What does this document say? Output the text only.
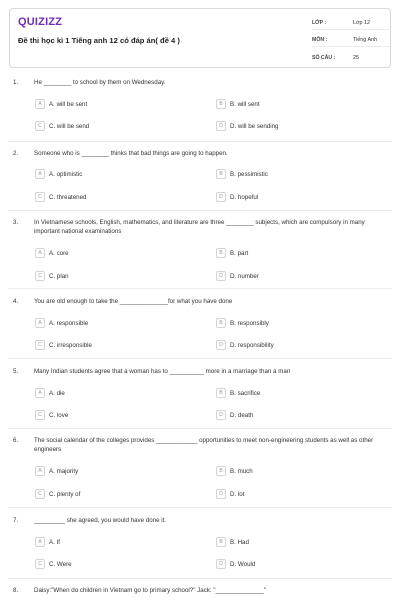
QUIZIZZ
Đề thi học kì 1 Tiếng anh 12 có đáp án( đề 4 )
LỚP :	Lớp 12
MÔN :	Tiếng Anh
SỐ CÂU :	25
1.	He ________ to school by them on Wednesday.
A	A. will be sent	B	B. will sent
C	C. will be send	D	D. will be sending
2.	Someone who is ________ thinks that bad things are going to happen.
A	A. optimistic	B	B. pessimistic
C	C. threatened	D	D. hopeful
3.	In Vietnamese schools, English, mathematics, and literature are three ________ subjects, which are compulsory in many important national examinations
A	A. core	B	B. part
C	C. plan	D	D. number
4.	You are old enough to take the ______________for what you have done
A	A. responsible	B	B. responsibly
C	C. irresponsible	D	D. responsibility
5.	Many Indian students agree that a woman has to __________ more in a marriage than a man
A	A. die	B	B. sacrifice
C	C. love	D	D. death
6.	The social calendar of the colleges provides ____________ opportunities to meet non-engineering students as well as other engineers
A	A. majority	B	B. much
C	C. plenty of	D	D. lot
7.	_________ she agreed, you would have done it.
A	A. If	B	B. Had
C	C. Were	D	D. Would
8.	Daisy:"When do children in Vietnam go to primary school?" Jack: "______________"
